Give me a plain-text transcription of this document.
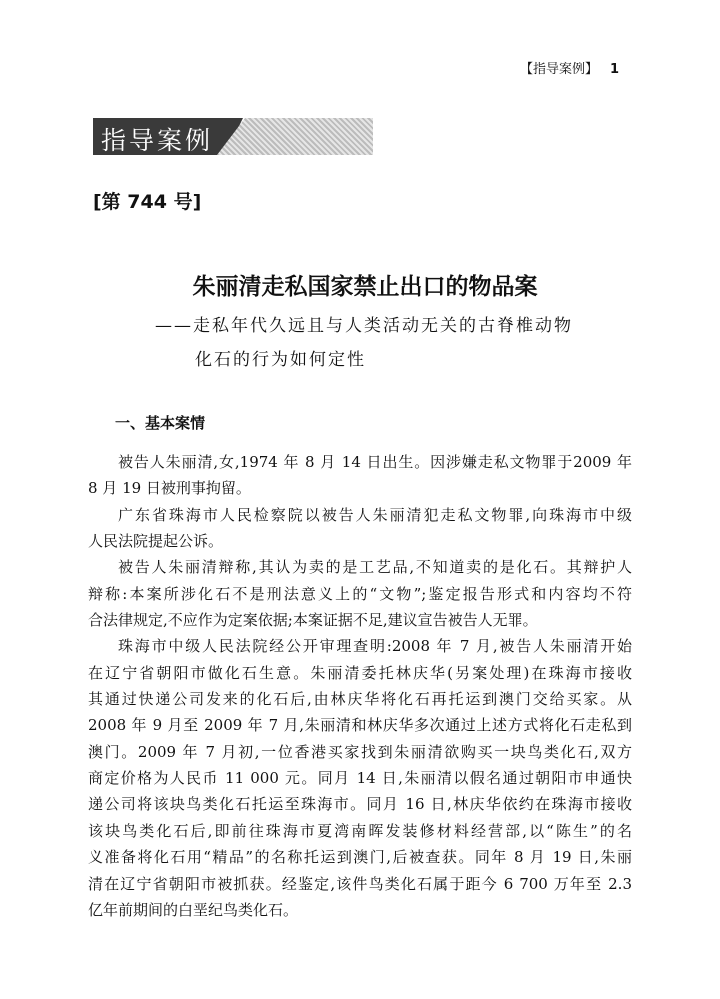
【指导案例】 1
指导案例
[第 744 号]
朱丽清走私国家禁止出口的物品案
——走私年代久远且与人类活动无关的古脊椎动物
化石的行为如何定性
一、基本案情
被告人朱丽清,女,1974 年 8 月 14 日出生。因涉嫌走私文物罪于2009 年
8 月 19 日被刑事拘留。
广东省珠海市人民检察院以被告人朱丽清犯走私文物罪,向珠海市中级
人民法院提起公诉。
被告人朱丽清辩称,其认为卖的是工艺品,不知道卖的是化石。其辩护人
辩称:本案所涉化石不是刑法意义上的“文物”;鉴定报告形式和内容均不符
合法律规定,不应作为定案依据;本案证据不足,建议宣告被告人无罪。
珠海市中级人民法院经公开审理查明:2008 年 7 月,被告人朱丽清开始
在辽宁省朝阳市做化石生意。朱丽清委托林庆华(另案处理)在珠海市接收
其通过快递公司发来的化石后,由林庆华将化石再托运到澳门交给买家。从
2008 年 9 月至 2009 年 7 月,朱丽清和林庆华多次通过上述方式将化石走私到
澳门。2009 年 7 月初,一位香港买家找到朱丽清欲购买一块鸟类化石,双方
商定价格为人民币 11 000 元。同月 14 日,朱丽清以假名通过朝阳市申通快
递公司将该块鸟类化石托运至珠海市。同月 16 日,林庆华依约在珠海市接收
该块鸟类化石后,即前往珠海市夏湾南晖发装修材料经营部,以“陈生”的名
义准备将化石用“精品”的名称托运到澳门,后被查获。同年 8 月 19 日,朱丽
清在辽宁省朝阳市被抓获。经鉴定,该件鸟类化石属于距今 6 700 万年至 2.3
亿年前期间的白垩纪鸟类化石。
